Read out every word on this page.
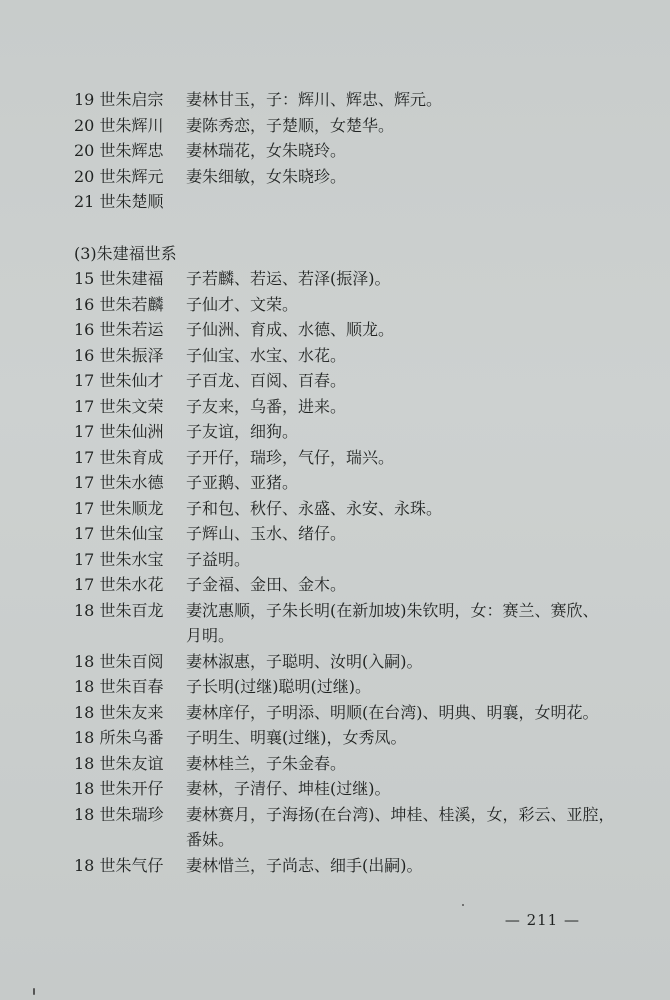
19 世朱启宗	妻林甘玉，子：辉川、辉忠、辉元。
20 世朱辉川	妻陈秀恋，子楚顺，女楚华。
20 世朱辉忠	妻林瑞花，女朱晓玲。
20 世朱辉元	妻朱细敏，女朱晓珍。
21 世朱楚顺
(3)朱建福世系
15 世朱建福	子若麟、若运、若泽(振泽)。
16 世朱若麟	子仙才、文荣。
16 世朱若运	子仙洲、育成、水德、顺龙。
16 世朱振泽	子仙宝、水宝、水花。
17 世朱仙才	子百龙、百阅、百春。
17 世朱文荣	子友来，乌番，进来。
17 世朱仙洲	子友谊，细狗。
17 世朱育成	子开仔，瑞珍，气仔，瑞兴。
17 世朱水德	子亚鹅、亚猪。
17 世朱顺龙	子和包、秋仔、永盛、永安、永珠。
17 世朱仙宝	子辉山、玉水、绪仔。
17 世朱水宝	子益明。
17 世朱水花	子金福、金田、金木。
18 世朱百龙	妻沈惠顺，子朱长明(在新加坡)朱钦明，女：赛兰、赛欣、
月明。
18 世朱百阅	妻林淑惠，子聪明、汝明(入嗣)。
18 世朱百春	子长明(过继)聪明(过继)。
18 世朱友来	妻林庠仔，子明添、明顺(在台湾)、明典、明襄，女明花。
18 所朱乌番	子明生、明襄(过继)，女秀凤。
18 世朱友谊	妻林桂兰，子朱金春。
18 世朱开仔	妻林，子清仔、坤桂(过继)。
18 世朱瑞珍	妻林赛月，子海扬(在台湾)、坤桂、桂溪，女，彩云、亚腔，
番妹。
18 世朱气仔	妻林惜兰，子尚志、细手(出嗣)。
— 211 —
